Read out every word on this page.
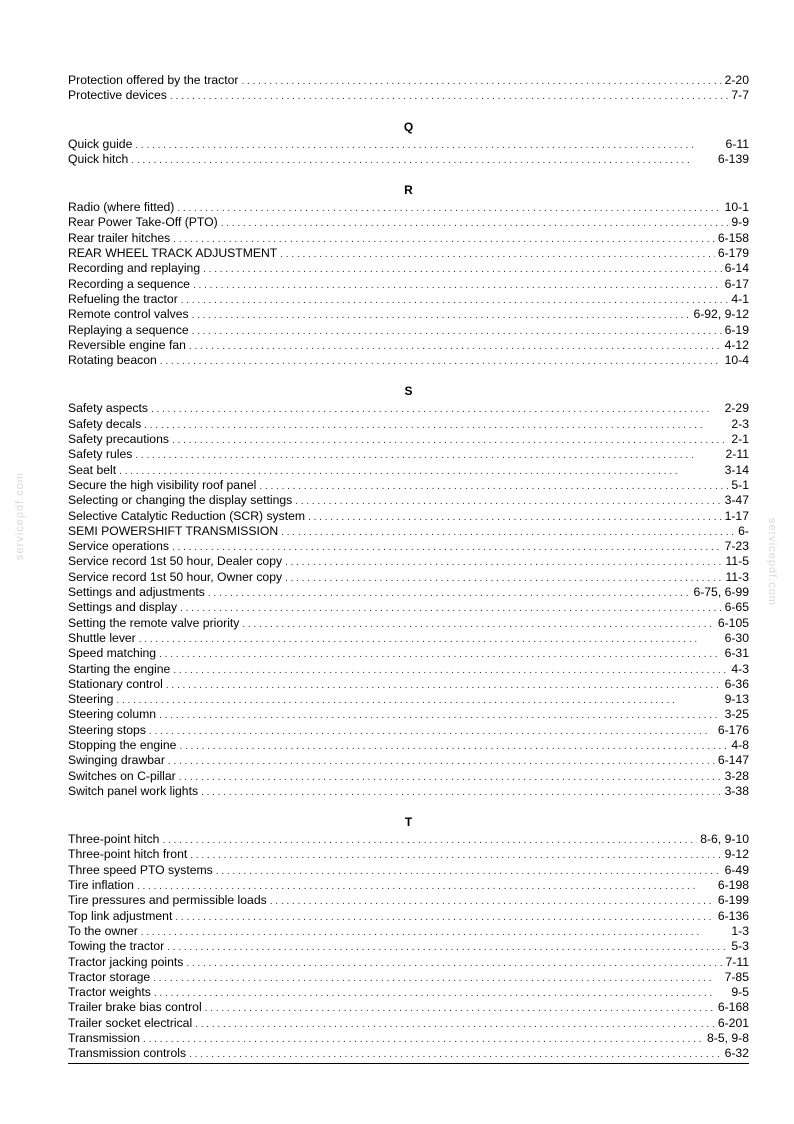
servicepdf.com
servicepdf.com
Protection offered by the tractor . . .	2-20
Protective devices . . .	7-7
Q
Quick guide . . .	6-11
Quick hitch . . .	6-139
R
Radio (where fitted) . . .	10-1
Rear Power Take-Off (PTO) . . .	9-9
Rear trailer hitches . . .	6-158
REAR WHEEL TRACK ADJUSTMENT . . .	6-179
Recording and replaying . . .	6-14
Recording a sequence . . .	6-17
Refueling the tractor . . .	4-1
Remote control valves . . .	6-92, 9-12
Replaying a sequence . . .	6-19
Reversible engine fan . . .	4-12
Rotating beacon . . .	10-4
S
Safety aspects . . .	2-29
Safety decals . . .	2-3
Safety precautions . . .	2-1
Safety rules . . .	2-11
Seat belt . . .	3-14
Secure the high visibility roof panel . . .	5-1
Selecting or changing the display settings . . .	3-47
Selective Catalytic Reduction (SCR) system . . .	1-17
SEMI POWERSHIFT TRANSMISSION . . .	6-
Service operations . . .	7-23
Service record 1st 50 hour, Dealer copy . . .	11-5
Service record 1st 50 hour, Owner copy . . .	11-3
Settings and adjustments . . .	6-75, 6-99
Settings and display . . .	6-65
Setting the remote valve priority . . .	6-105
Shuttle lever . . .	6-30
Speed matching . . .	6-31
Starting the engine . . .	4-3
Stationary control . . .	6-36
Steering . . .	9-13
Steering column . . .	3-25
Steering stops . . .	6-176
Stopping the engine . . .	4-8
Swinging drawbar . . .	6-147
Switches on C-pillar . . .	3-28
Switch panel work lights . . .	3-38
T
Three-point hitch . . .	8-6, 9-10
Three-point hitch front . . .	9-12
Three speed PTO systems . . .	6-49
Tire inflation . . .	6-198
Tire pressures and permissible loads . . .	6-199
Top link adjustment . . .	6-136
To the owner . . .	1-3
Towing the tractor . . .	5-3
Tractor jacking points . . .	7-11
Tractor storage . . .	7-85
Tractor weights . . .	9-5
Trailer brake bias control . . .	6-168
Trailer socket electrical . . .	6-201
Transmission . . .	8-5, 9-8
Transmission controls . . .	6-32
